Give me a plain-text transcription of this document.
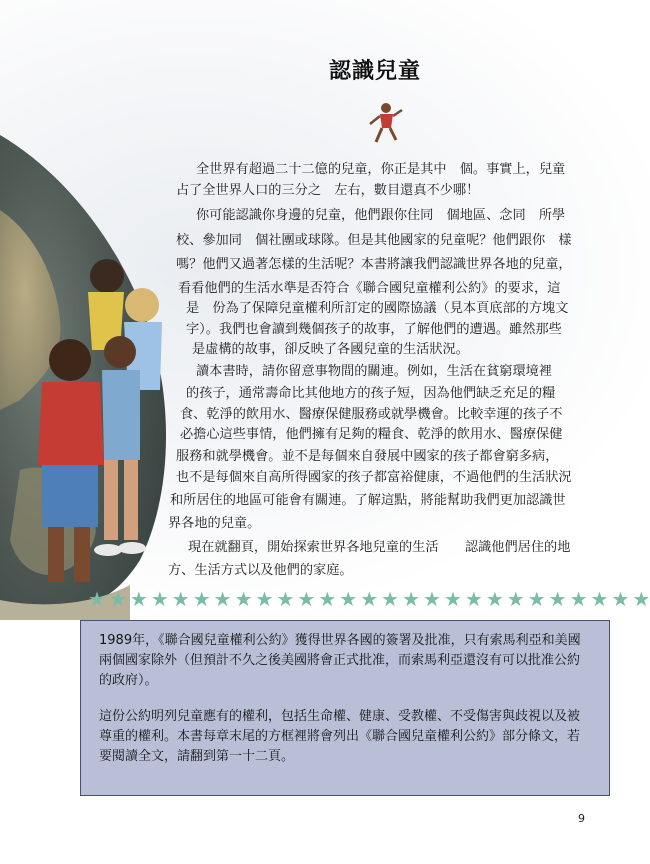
認識兒童
全世界有超過二十二億的兒童，你正是其中　個。事實上，兒童
占了全世界人口的三分之　左右，數目還真不少哪！
你可能認識你身邊的兒童，他們跟你住同　個地區、念同　所學
校、參加同　個社團或球隊。但是其他國家的兒童呢？他們跟你　樣
嗎？他們又過著怎樣的生活呢？本書將讓我們認識世界各地的兒童，
看看他們的生活水準是否符合《聯合國兒童權利公約》的要求，這
是　份為了保障兒童權利所訂定的國際協議（見本頁底部的方塊文
字）。我們也會讀到幾個孩子的故事，了解他們的遭遇。雖然那些
是虛構的故事，卻反映了各國兒童的生活狀況。
讀本書時，請你留意事物間的關連。例如，生活在貧窮環境裡
的孩子，通常壽命比其他地方的孩子短，因為他們缺乏充足的糧
食、乾淨的飲用水、醫療保健服務或就學機會。比較幸運的孩子不
必擔心這些事情，他們擁有足夠的糧食、乾淨的飲用水、醫療保健
服務和就學機會。並不是每個來自發展中國家的孩子都會窮多病，
也不是每個來自高所得國家的孩子都富裕健康，不過他們的生活狀況
和所居住的地區可能會有關連。了解這點，將能幫助我們更加認識世
界各地的兒童。
現在就翻頁，開始探索世界各地兒童的生活　　認識他們居住的地
方、生活方式以及他們的家庭。
★ ★ ★ ★ ★ ★ ★ ★ ★ ★ ★ ★ ★ ★ ★ ★ ★ ★ ★ ★ ★ ★ ★ ★ ★ ★ ★

1989年，《聯合國兒童權利公約》獲得世界各國的簽署及批准，只有索馬利亞和美國兩個國家除外（但預計不久之後美國將會正式批准，而索馬利亞還沒有可以批准公約的政府）。

這份公約明列兒童應有的權利，包括生命權、健康、受教權、不受傷害與歧視以及被尊重的權利。本書每章末尾的方框裡將會列出《聯合國兒童權利公約》部分條文，若要閱讀全文，請翻到第一十二頁。

9
